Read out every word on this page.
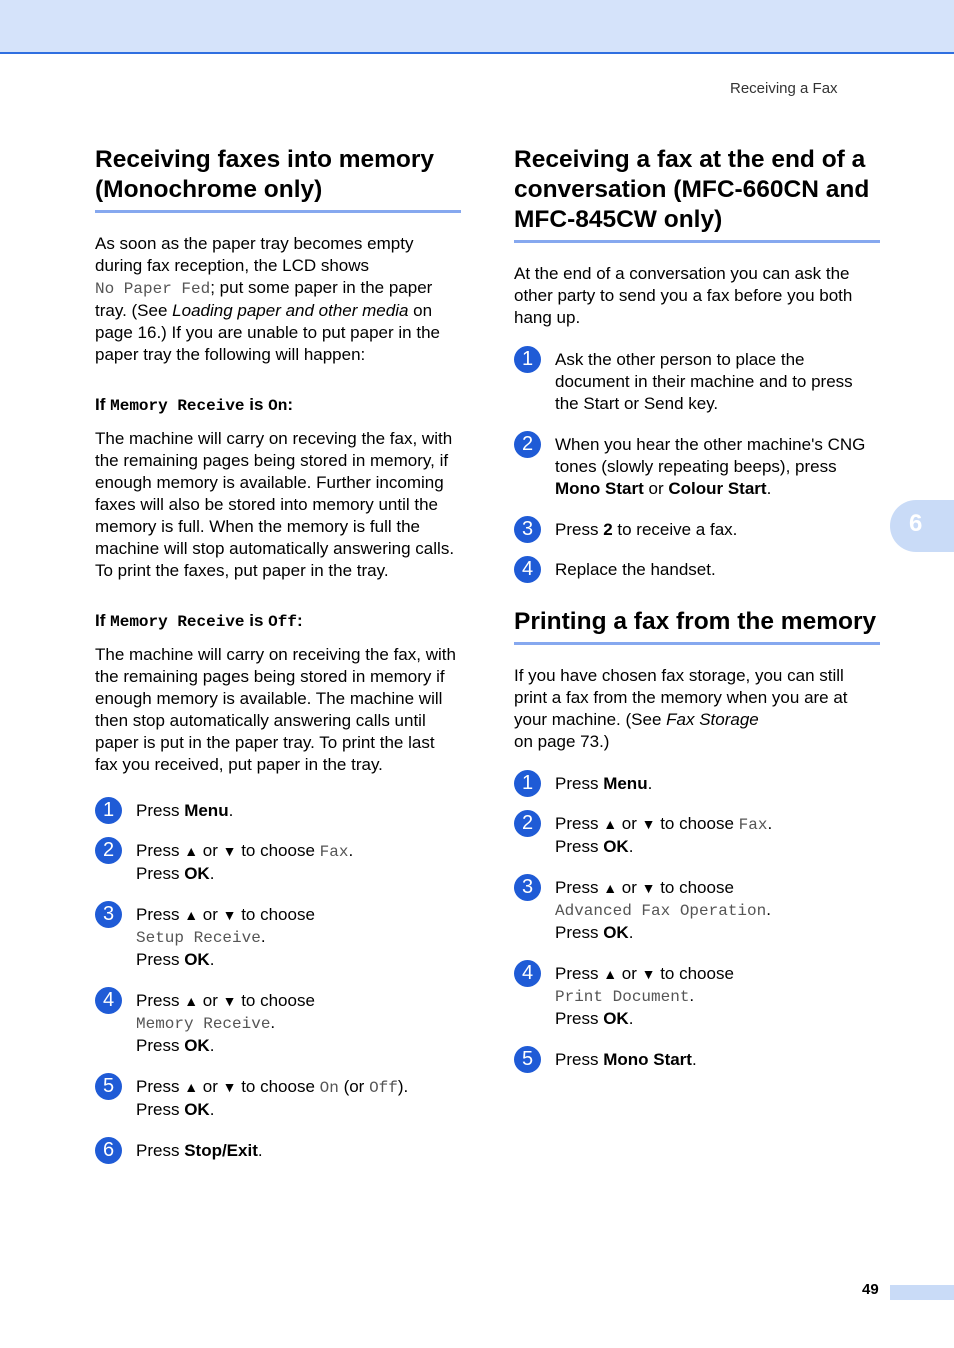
Receiving a Fax
6
Receiving faxes into memory (Monochrome only)

As soon as the paper tray becomes empty during fax reception, the LCD shows
No Paper Fed; put some paper in the paper tray. (See Loading paper and other media on page 16.) If you are unable to put paper in the paper tray the following will happen:

If Memory Receive is On:

The machine will carry on receving the fax, with the remaining pages being stored in memory, if enough memory is available. Further incoming faxes will also be stored into memory until the memory is full. When the memory is full the machine will stop automatically answering calls. To print the faxes, put paper in the tray.

If Memory Receive is Off:

The machine will carry on receiving the fax, with the remaining pages being stored in memory if enough memory is available. The machine will then stop automatically answering calls until paper is put in the paper tray. To print the last fax you received, put paper in the tray.

1	Press Menu.
2	Press ▲ or ▼ to choose Fax.
Press OK.
3	Press ▲ or ▼ to choose
Setup Receive.
Press OK.
4	Press ▲ or ▼ to choose
Memory Receive.
Press OK.
5	Press ▲ or ▼ to choose On (or Off).
Press OK.
6	Press Stop/Exit.
Receiving a fax at the end of a conversation (MFC-660CN and MFC-845CW only)

At the end of a conversation you can ask the other party to send you a fax before you both hang up.

1	Ask the other person to place the document in their machine and to press the Start or Send key.
2	When you hear the other machine's CNG tones (slowly repeating beeps), press Mono Start or Colour Start.
3	Press 2 to receive a fax.
4	Replace the handset.
Printing a fax from the memory

If you have chosen fax storage, you can still print a fax from the memory when you are at your machine. (See Fax Storage
on page 73.)

1	Press Menu.
2	Press ▲ or ▼ to choose Fax.
Press OK.
3	Press ▲ or ▼ to choose
Advanced Fax Operation.
Press OK.
4	Press ▲ or ▼ to choose
Print Document.
Press OK.
5	Press Mono Start.
49
